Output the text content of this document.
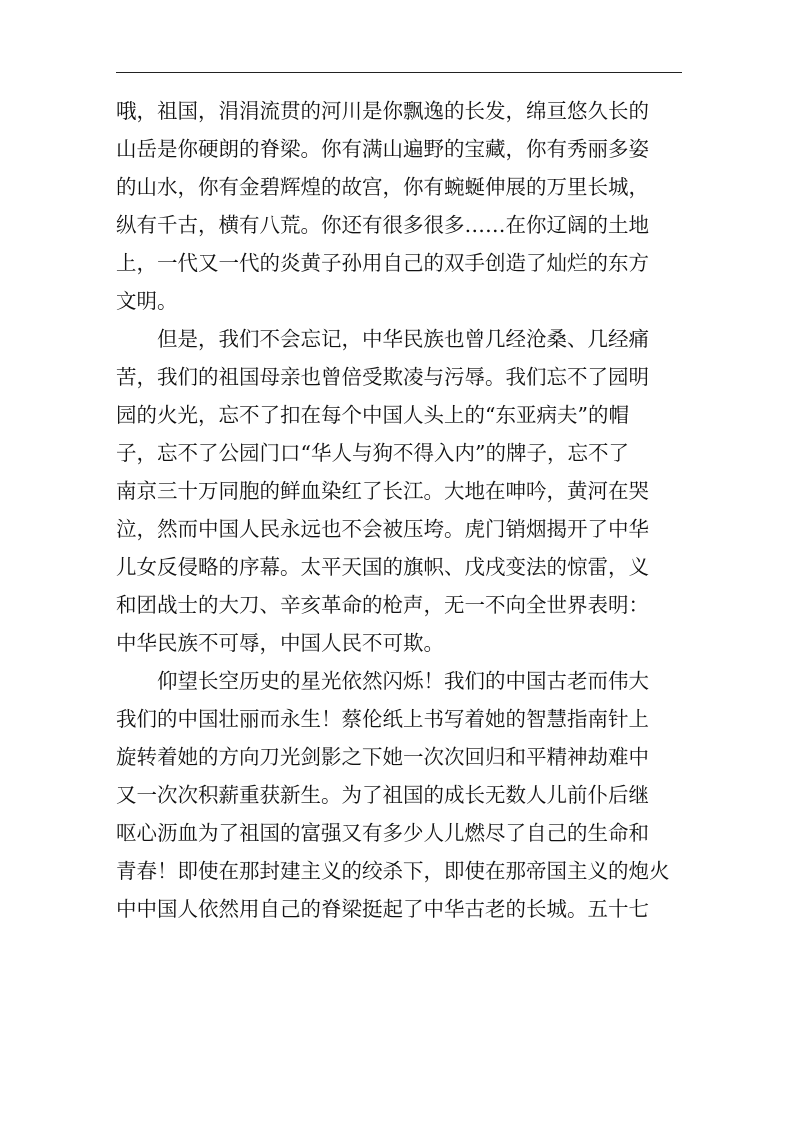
哦，祖国，涓涓流贯的河川是你飘逸的长发，绵亘悠久长的
山岳是你硬朗的脊梁。你有满山遍野的宝藏，你有秀丽多姿
的山水，你有金碧辉煌的故宫，你有蜿蜒伸展的万里长城，
纵有千古，横有八荒。你还有很多很多……在你辽阔的土地
上，一代又一代的炎黄子孙用自己的双手创造了灿烂的东方
文明。
但是，我们不会忘记，中华民族也曾几经沧桑、几经痛
苦，我们的祖国母亲也曾倍受欺凌与污辱。我们忘不了园明
园的火光，忘不了扣在每个中国人头上的“东亚病夫”的帽
子，忘不了公园门口“华人与狗不得入内”的牌子，忘不了
南京三十万同胞的鲜血染红了长江。大地在呻吟，黄河在哭
泣，然而中国人民永远也不会被压垮。虎门销烟揭开了中华
儿女反侵略的序幕。太平天国的旗帜、戊戌变法的惊雷，义
和团战士的大刀、辛亥革命的枪声，无一不向全世界表明：
中华民族不可辱，中国人民不可欺。
仰望长空历史的星光依然闪烁！我们的中国古老而伟大
我们的中国壮丽而永生！蔡伦纸上书写着她的智慧指南针上
旋转着她的方向刀光剑影之下她一次次回归和平精神劫难中
又一次次积薪重获新生。为了祖国的成长无数人儿前仆后继
呕心沥血为了祖国的富强又有多少人儿燃尽了自己的生命和
青春！即使在那封建主义的绞杀下，即使在那帝国主义的炮火
中中国人依然用自己的脊梁挺起了中华古老的长城。五十七
